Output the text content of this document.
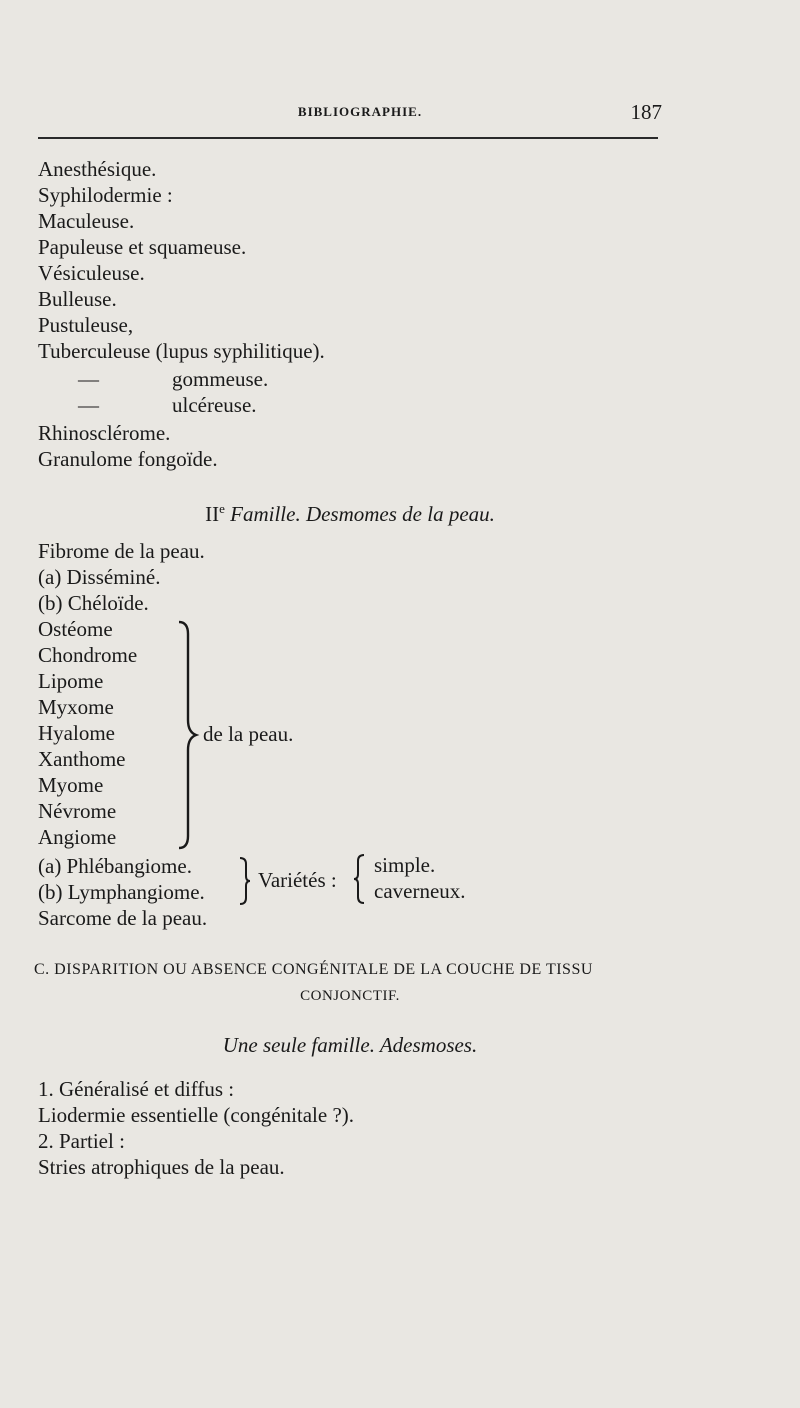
BIBLIOGRAPHIE.	187
Anesthésique.
Syphilodermie :
Maculeuse.
Papuleuse et squameuse.
Vésiculeuse.
Bulleuse.
Pustuleuse,
Tuberculeuse (lupus syphilitique).
—	gommeuse.
—	ulcéreuse.
Rhinosclérome.
Granulome fongoïde.
IIe Famille. Desmomes de la peau.
Fibrome de la peau.
(a) Disséminé.
(b) Chéloïde.
Ostéome
Chondrome
Lipome
Myxome
Hyalome
Xanthome
Myome
Névrome
Angiome
de la peau.
(a) Phlébangiome.
(b) Lymphangiome.	Variétés :
simple.
caverneux.
Sarcome de la peau.
C. DISPARITION OU ABSENCE CONGÉNITALE DE LA COUCHE DE TISSU
CONJONCTIF.
Une seule famille. Adesmoses.
1. Généralisé et diffus :
Liodermie essentielle (congénitale ?).
2. Partiel :
Stries atrophiques de la peau.
